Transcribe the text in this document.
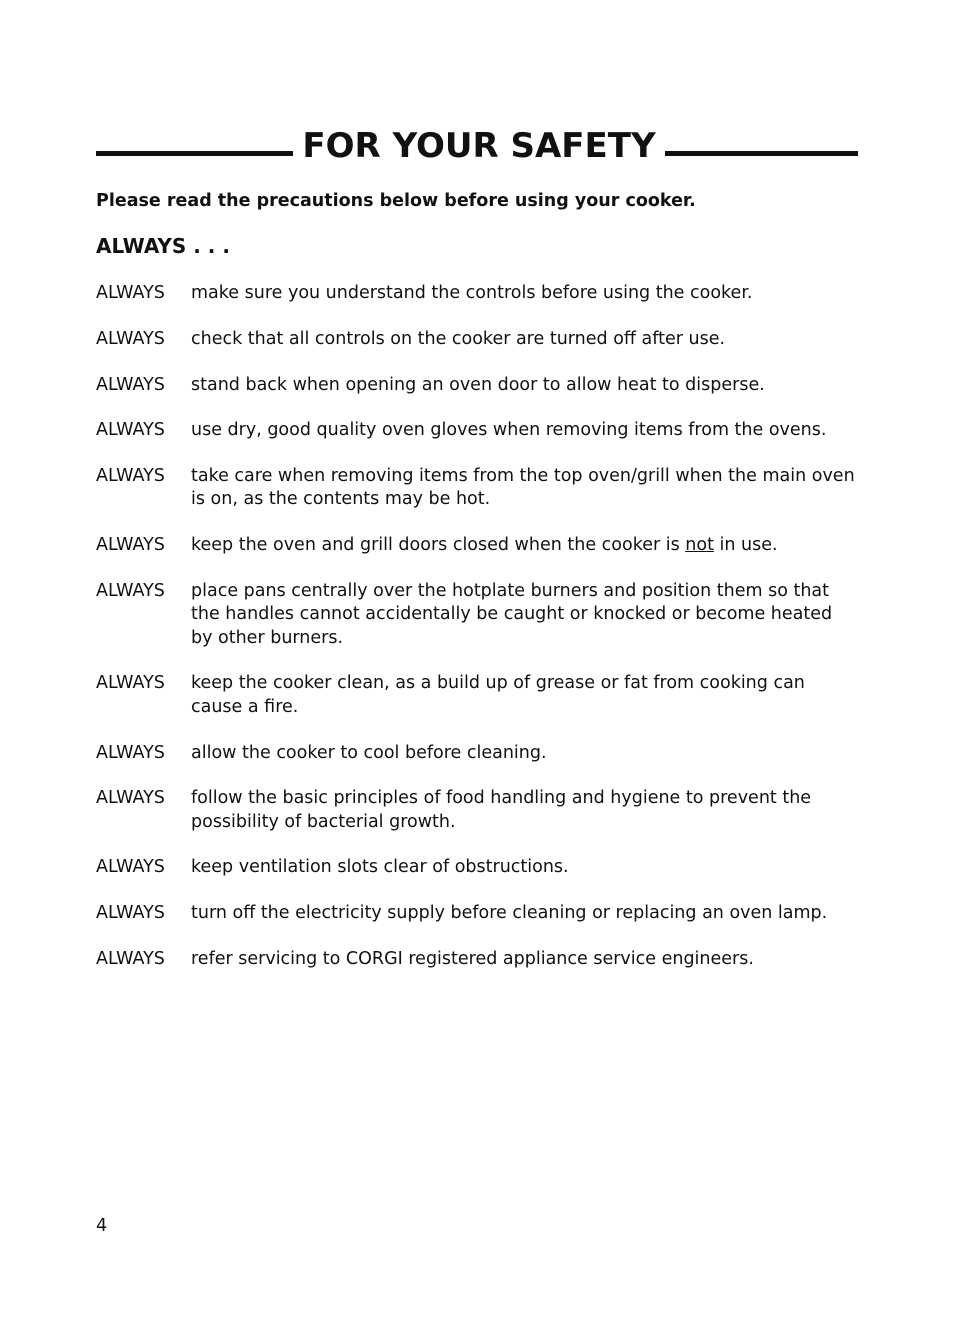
FOR YOUR SAFETY
Please read the precautions below before using your cooker.
ALWAYS . . .
ALWAYS	make sure you understand the controls before using the cooker.
ALWAYS	check that all controls on the cooker are turned off after use.
ALWAYS	stand back when opening an oven door to allow heat to disperse.
ALWAYS	use dry, good quality oven gloves when removing items from the ovens.
ALWAYS	take care when removing items from the top oven/grill when the main oven is on, as the contents may be hot.
ALWAYS	keep the oven and grill doors closed when the cooker is not in use.
ALWAYS	place pans centrally over the hotplate burners and position them so that the handles cannot accidentally be caught or knocked or become heated by other burners.
ALWAYS	keep the cooker clean, as a build up of grease or fat from cooking can cause a fire.
ALWAYS	allow the cooker to cool before cleaning.
ALWAYS	follow the basic principles of food handling and hygiene to prevent the possibility of bacterial growth.
ALWAYS	keep ventilation slots clear of obstructions.
ALWAYS	turn off the electricity supply before cleaning or replacing an oven lamp.
ALWAYS	refer servicing to CORGI registered appliance service engineers.
4
